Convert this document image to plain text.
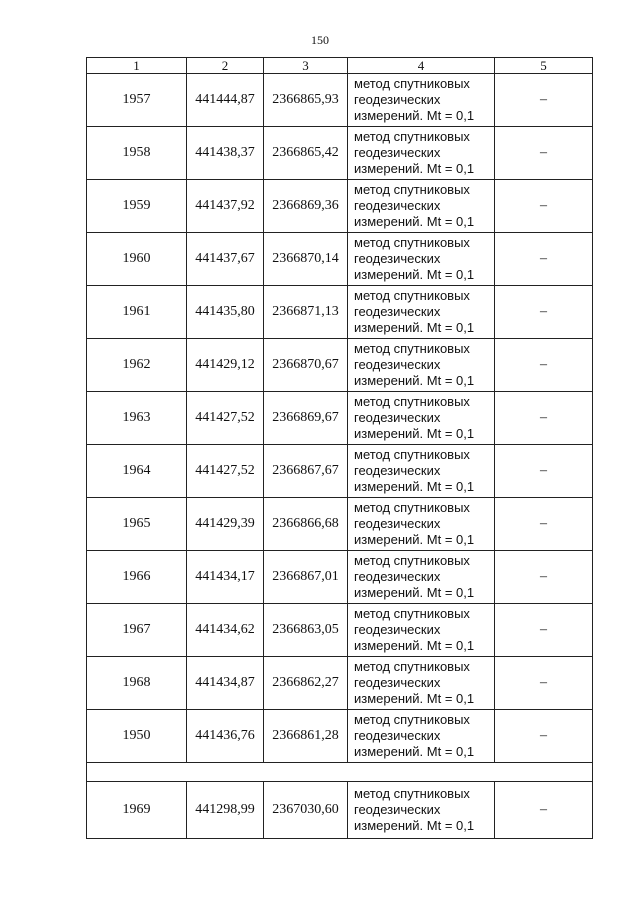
150
1	2	3	4	5
1957	441444,87	2366865,93	метод спутниковых
геодезических
измерений. Mt = 0,1	–
1958	441438,37	2366865,42	метод спутниковых
геодезических
измерений. Mt = 0,1	–
1959	441437,92	2366869,36	метод спутниковых
геодезических
измерений. Mt = 0,1	–
1960	441437,67	2366870,14	метод спутниковых
геодезических
измерений. Mt = 0,1	–
1961	441435,80	2366871,13	метод спутниковых
геодезических
измерений. Mt = 0,1	–
1962	441429,12	2366870,67	метод спутниковых
геодезических
измерений. Mt = 0,1	–
1963	441427,52	2366869,67	метод спутниковых
геодезических
измерений. Mt = 0,1	–
1964	441427,52	2366867,67	метод спутниковых
геодезических
измерений. Mt = 0,1	–
1965	441429,39	2366866,68	метод спутниковых
геодезических
измерений. Mt = 0,1	–
1966	441434,17	2366867,01	метод спутниковых
геодезических
измерений. Mt = 0,1	–
1967	441434,62	2366863,05	метод спутниковых
геодезических
измерений. Mt = 0,1	–
1968	441434,87	2366862,27	метод спутниковых
геодезических
измерений. Mt = 0,1	–
1950	441436,76	2366861,28	метод спутниковых
геодезических
измерений. Mt = 0,1	–

1969	441298,99	2367030,60	метод спутниковых
геодезических
измерений. Mt = 0,1	–
